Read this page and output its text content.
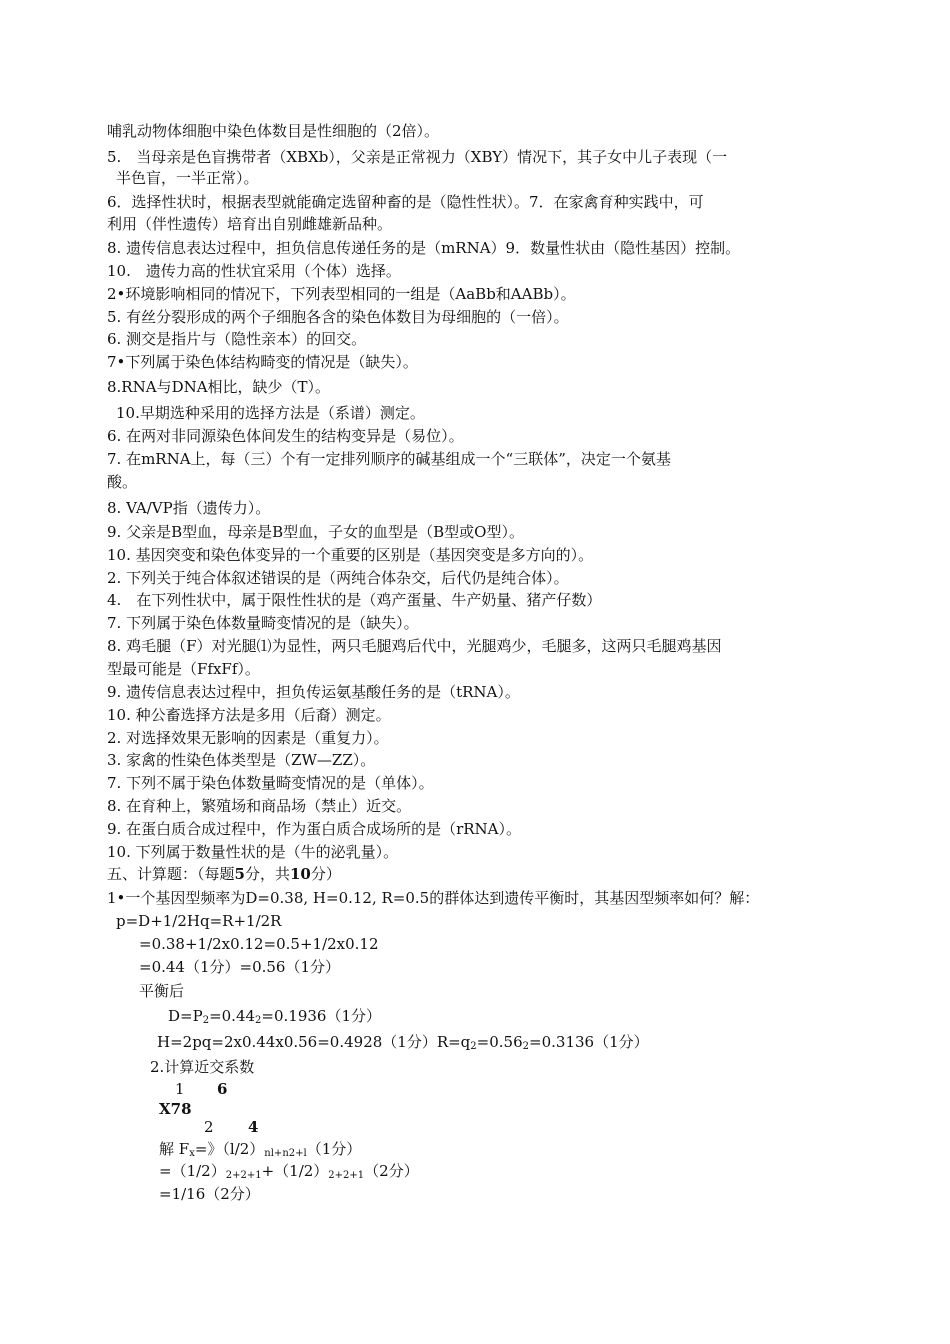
哺乳动物体细胞中染色体数目是性细胞的（2倍）。
5.　当母亲是色盲携带者（XBXb），父亲是正常视力（XBY）情况下，其子女中儿子表现（一
半色盲，一半正常）。
6．选择性状时，根据表型就能确定选留种畜的是（隐性性状）。7．在家禽育种实践中，可
利用（伴性遗传）培育出自别雌雄新品种。
8. 遗传信息表达过程中，担负信息传递任务的是（mRNA）9．数量性状由（隐性基因）控制。
10.　遗传力高的性状宜采用（个体）选择。
2•环境影响相同的情况下，下列表型相同的一组是（AaBb和AABb）。
5. 有丝分裂形成的两个子细胞各含的染色体数目为母细胞的（一倍）。
6. 测交是指片与（隐性亲本）的回交。
7•下列属于染色体结构畸变的情况是（缺失）。
8.RNA与DNA相比，缺少（T）。
10.早期选种采用的选择方法是（系谱）测定。
6. 在两对非同源染色体间发生的结构变异是（易位）。
7. 在mRNA上，每（三）个有一定排列顺序的碱基组成一个“三联体”，决定一个氨基
酸。
8. VA/VP指（遗传力）。
9. 父亲是B型血，母亲是B型血，子女的血型是（B型或O型）。
10. 基因突变和染色体变异的一个重要的区别是（基因突变是多方向的）。
2. 下列关于纯合体叙述错误的是（两纯合体杂交，后代仍是纯合体）。
4.　在下列性状中，属于限性性状的是（鸡产蛋量、牛产奶量、猪产仔数）
7. 下列属于染色体数量畸变情况的是（缺失）。
8. 鸡毛腿（F）对光腿⑴为显性，两只毛腿鸡后代中，光腿鸡少，毛腿多，这两只毛腿鸡基因
型最可能是（FfxFf）。
9. 遗传信息表达过程中，担负传运氨基酸任务的是（tRNA）。
10. 种公畜选择方法是多用（后裔）测定。
2. 对选择效果无影响的因素是（重复力）。
3. 家禽的性染色体类型是（ZW—ZZ）。
7. 下列不属于染色体数量畸变情况的是（单体）。
8. 在育种上，繁殖场和商品场（禁止）近交。
9. 在蛋白质合成过程中，作为蛋白质合成场所的是（rRNA）。
10. 下列属于数量性状的是（牛的泌乳量）。
五、计算题：（每题5分，共10分）
1•一个基因型频率为D=0.38, H=0.12, R=0.5的群体达到遗传平衡时，其基因型频率如何？解：
p=D+1/2Hq=R+1/2R
=0.38+1/2x0.12=0.5+1/2x0.12
=0.44（1分）=0.56（1分）
平衡后
$D=P_2=0.44_2=0.1936(1$分）
H=2pq=2x0.44x0.56=0.4928（1分）$R=q_2=0.56_2=0.3136(1$分）
2.计算近交系数
1 6
X78
2 4
解 $F_x=$》$(l/2)_{nl+n2+l}(1$分）
$=(1/2)_{2+2+1}+(1/2)_{2+2+1}(2$分）
=1/16（2分）
